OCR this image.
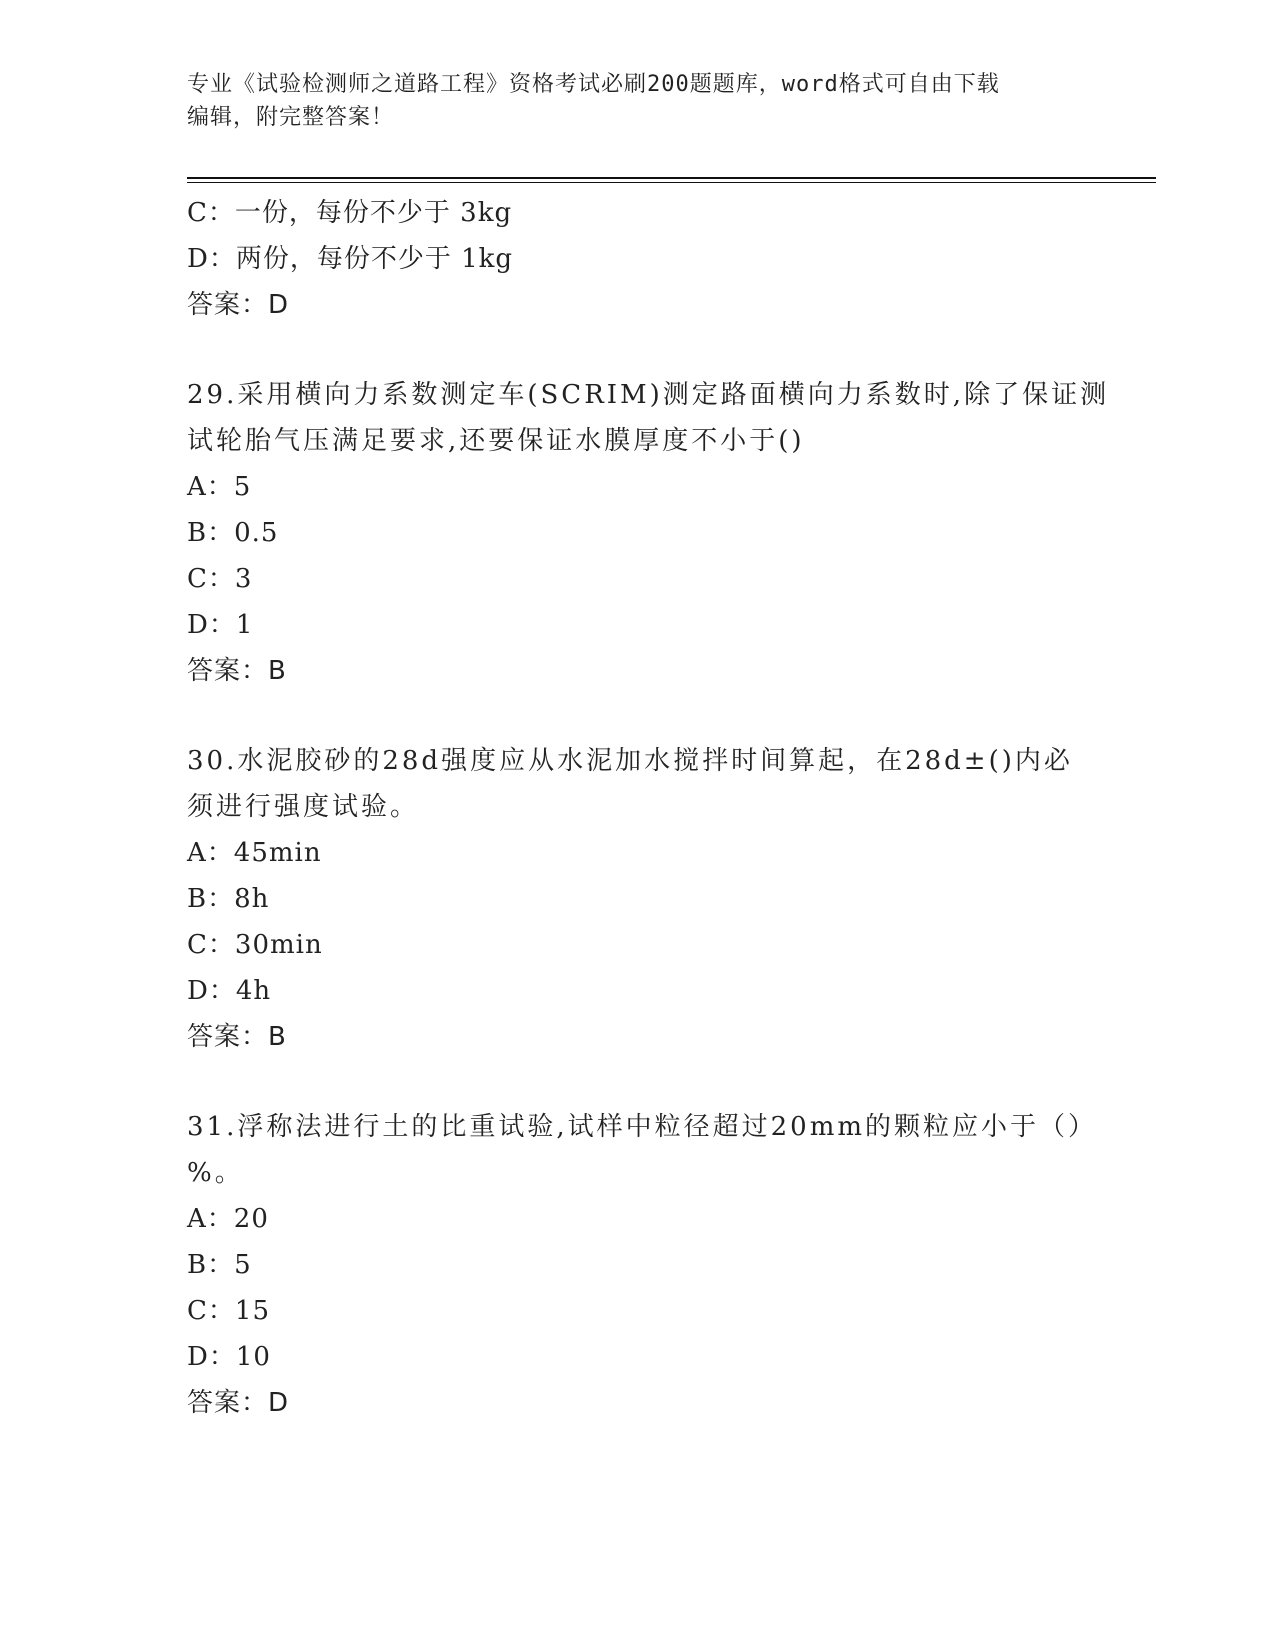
专业《试验检测师之道路工程》资格考试必刷200题题库，word格式可自由下载
编辑，附完整答案！
C：一份，每份不少于 3kg
D：两份，每份不少于 1kg
答案：D
29.采用横向力系数测定车(SCRIM)测定路面横向力系数时,除了保证测
试轮胎气压满足要求,还要保证水膜厚度不小于()
A：5
B：0.5
C：3
D：1
答案：B
30.水泥胶砂的28d强度应从水泥加水搅拌时间算起，在28d±()内必
须进行强度试验。
A：45min
B：8h
C：30min
D：4h
答案：B
31.浮称法进行土的比重试验,试样中粒径超过20mm的颗粒应小于（）
%。
A：20
B：5
C：15
D：10
答案：D
